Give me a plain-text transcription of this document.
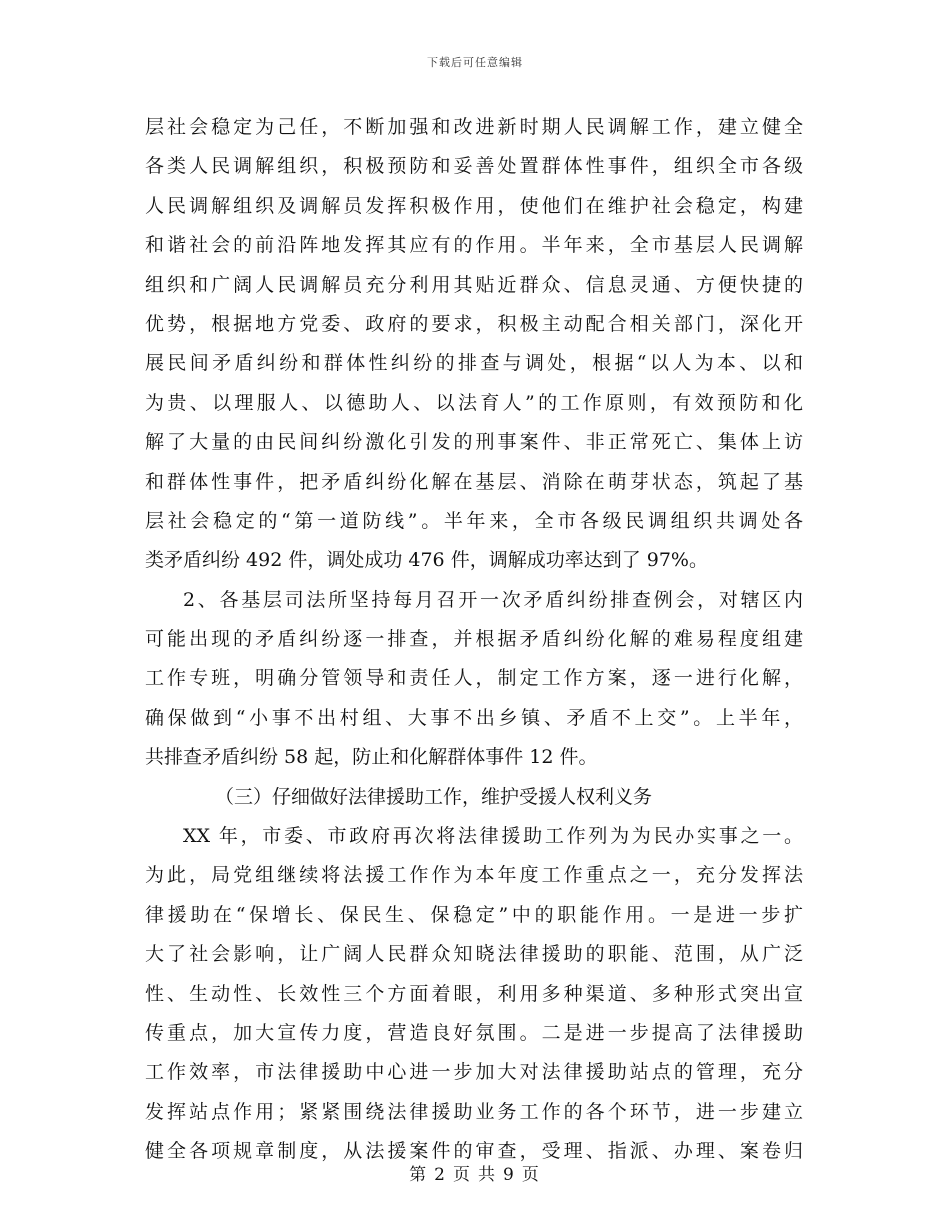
下载后可任意编辑
层社会稳定为己任，不断加强和改进新时期人民调解工作，建立健全
各类人民调解组织，积极预防和妥善处置群体性事件，组织全市各级
人民调解组织及调解员发挥积极作用，使他们在维护社会稳定，构建
和谐社会的前沿阵地发挥其应有的作用。半年来，全市基层人民调解
组织和广阔人民调解员充分利用其贴近群众、信息灵通、方便快捷的
优势，根据地方党委、政府的要求，积极主动配合相关部门，深化开
展民间矛盾纠纷和群体性纠纷的排查与调处，根据“以人为本、以和
为贵、以理服人、以德助人、以法育人”的工作原则，有效预防和化
解了大量的由民间纠纷激化引发的刑事案件、非正常死亡、集体上访
和群体性事件，把矛盾纠纷化解在基层、消除在萌芽状态，筑起了基
层社会稳定的“第一道防线”。半年来，全市各级民调组织共调处各
类矛盾纠纷 492 件，调处成功 476 件，调解成功率达到了 97%。
2、各基层司法所坚持每月召开一次矛盾纠纷排查例会，对辖区内
可能出现的矛盾纠纷逐一排查，并根据矛盾纠纷化解的难易程度组建
工作专班，明确分管领导和责任人，制定工作方案，逐一进行化解，
确保做到“小事不出村组、大事不出乡镇、矛盾不上交”。上半年，
共排查矛盾纠纷 58 起，防止和化解群体事件 12 件。
（三）仔细做好法律援助工作，维护受援人权利义务
XX 年，市委、市政府再次将法律援助工作列为为民办实事之一。
为此，局党组继续将法援工作作为本年度工作重点之一，充分发挥法
律援助在“保增长、保民生、保稳定”中的职能作用。一是进一步扩
大了社会影响，让广阔人民群众知晓法律援助的职能、范围，从广泛
性、生动性、长效性三个方面着眼，利用多种渠道、多种形式突出宣
传重点，加大宣传力度，营造良好氛围。二是进一步提高了法律援助
工作效率，市法律援助中心进一步加大对法律援助站点的管理，充分
发挥站点作用；紧紧围绕法律援助业务工作的各个环节，进一步建立
健全各项规章制度，从法援案件的审查，受理、指派、办理、案卷归
第 2 页 共 9 页
